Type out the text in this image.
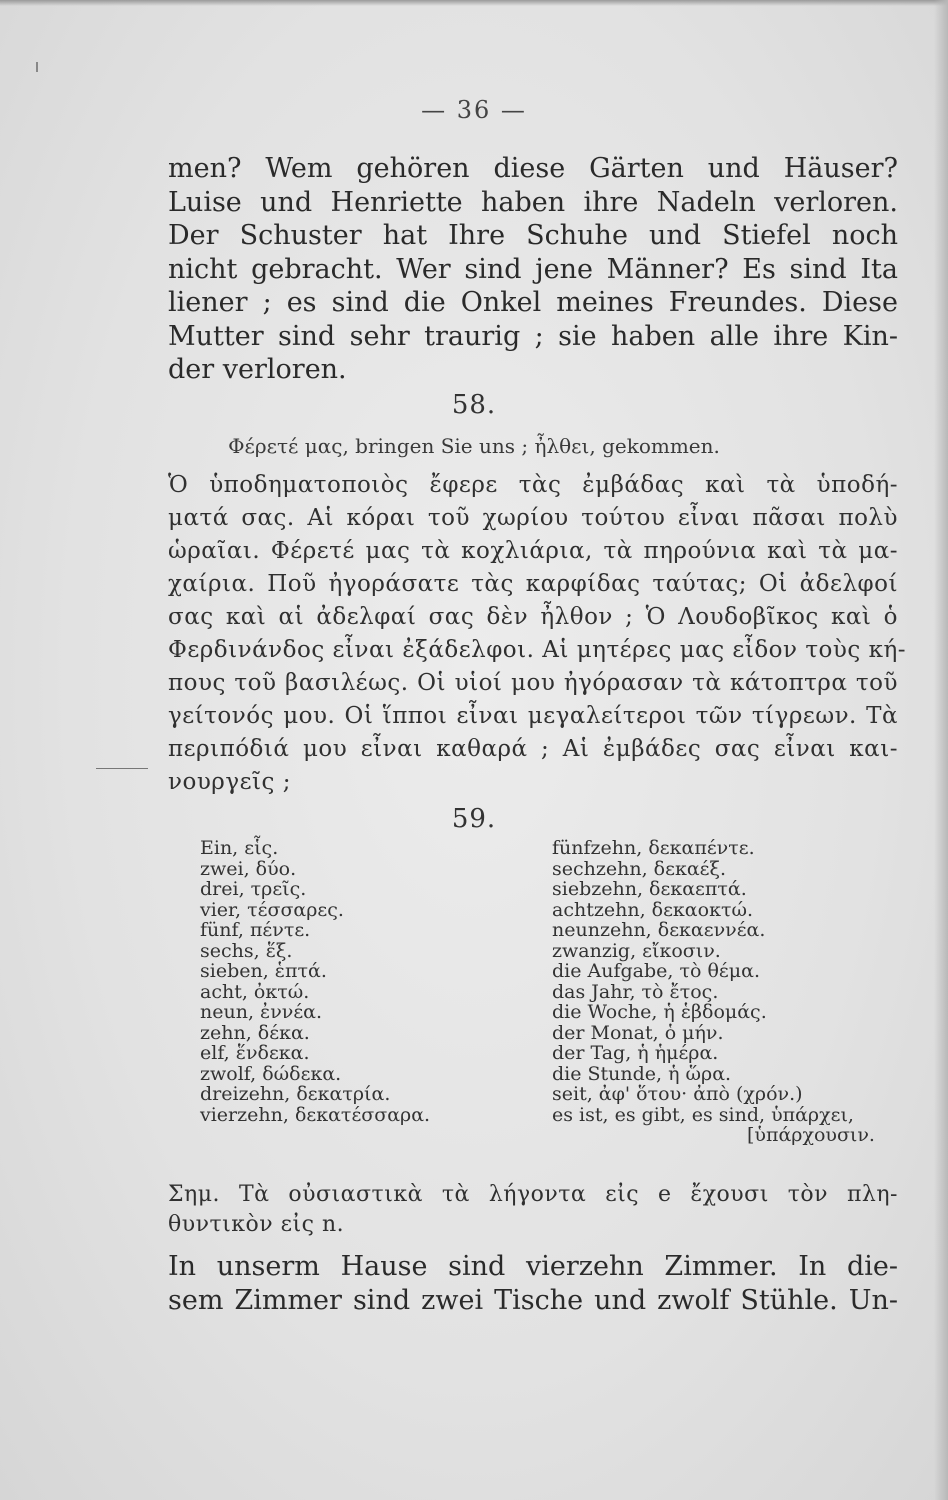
— 36 —
men? Wem gehören diese Gärten und Häuser?
Luise und Henriette haben ihre Nadeln verloren.
Der Schuster hat Ihre Schuhe und Stiefel noch
nicht gebracht. Wer sind jene Männer? Es sind Ita
liener ; es sind die Onkel meines Freundes. Diese
Mutter sind sehr traurig ; sie haben alle ihre Kin-
der verloren.
58.
Φέρετέ μας, bringen Sie uns ; ἦλθει, gekommen.
Ὁ ὑποδηματοποιὸς ἔφερε τὰς ἐμβάδας καὶ τὰ ὑποδή-
ματά σας. Αἱ κόραι τοῦ χωρίου τούτου εἶναι πᾶσαι πολὺ
ὡραῖαι. Φέρετέ μας τὰ κοχλιάρια, τὰ πηρούνια καὶ τὰ μα-
χαίρια. Ποῦ ἠγοράσατε τὰς καρφίδας ταύτας; Οἱ ἀδελφοί
σας καὶ αἱ ἀδελφαί σας δὲν ἦλθον ; Ὁ Λουδοβῖκος καὶ ὁ
Φερδινάνδος εἶναι ἐξάδελφοι. Αἱ μητέρες μας εἶδον τοὺς κή-
πους τοῦ βασιλέως. Οἱ υἱοί μου ἠγόρασαν τὰ κάτοπτρα τοῦ
γείτονός μου. Οἱ ἵπποι εἶναι μεγαλείτεροι τῶν τίγρεων. Τὰ
περιπόδιά μου εἶναι καθαρά ; Αἱ ἐμβάδες σας εἶναι και-
νουργεῖς ;
59.
Ein, εἷς.
zwei, δύο.
drei, τρεῖς.
vier, τέσσαρες.
fünf, πέντε.
sechs, ἕξ.
sieben, ἑπτά.
acht, ὀκτώ.
neun, ἐννέα.
zehn, δέκα.
elf, ἕνδεκα.
zwolf, δώδεκα.
dreizehn, δεκατρία.
vierzehn, δεκατέσσαρα.
fünfzehn, δεκαπέντε.
sechzehn, δεκαέξ.
siebzehn, δεκαεπτά.
achtzehn, δεκαοκτώ.
neunzehn, δεκαεννέα.
zwanzig, εἴκοσιν.
die Aufgabe, τὸ θέμα.
das Jahr, τὸ ἔτος.
die Woche, ἡ ἑβδομάς.
der Monat, ὁ μήν.
der Tag, ἡ ἡμέρα.
die Stunde, ἡ ὥρα.
seit, ἀφ' ὅτου· ἀπὸ (χρόν.)
es ist, es gibt, es sind, ὑπάρχει,
[ὑπάρχουσιν.
Σημ. Τὰ οὐσιαστικὰ τὰ λήγοντα εἰς e ἔχουσι τὸν πλη-
θυντικὸν εἰς n.
In unserm Hause sind vierzehn Zimmer. In die-
sem Zimmer sind zwei Tische und zwolf Stühle. Un-
